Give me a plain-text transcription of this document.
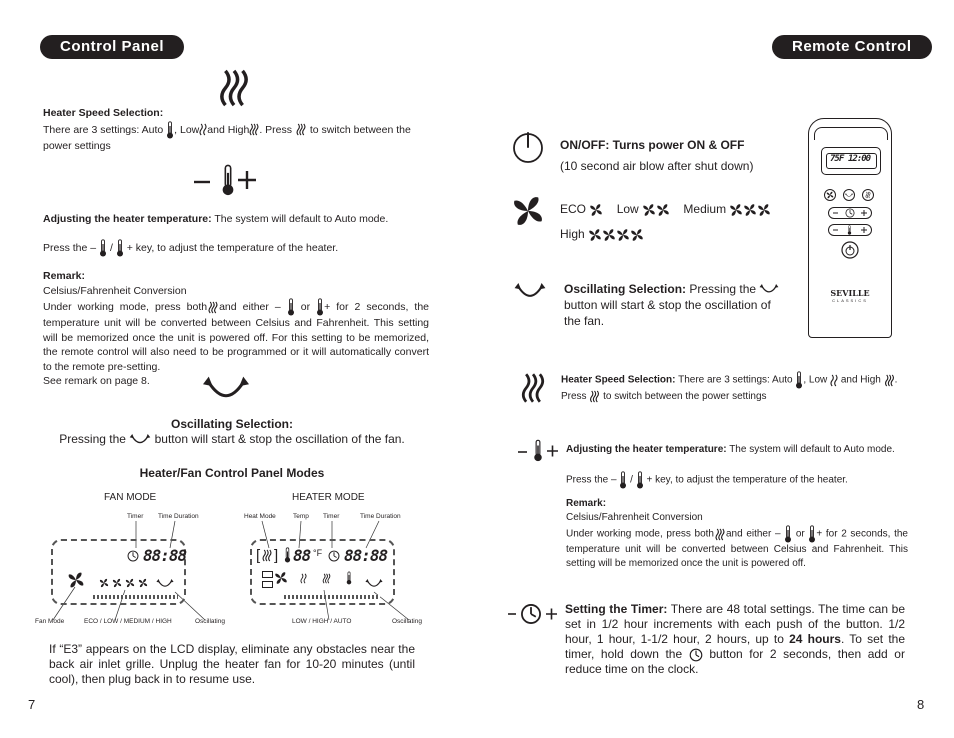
Control Panel
Heater Speed Selection:
There are 3 settings: Auto , Low and High . Press to switch between the
power settings
Adjusting the heater temperature: The system will default to Auto mode.
Press the – / + key, to adjust the temperature of the heater.
Remark:
Celsius/Fahrenheit Conversion
Under working mode, press both and either – or + for 2 seconds, the temperature unit will be converted between Celsius and Fahrenheit. This setting will be memorized once the unit is powered off. For this setting to be memorized, the remote control will also need to be programmed or it will automatically convert to the remote pre-setting.
See remark on page 8.
Oscillating Selection:
Pressing the button will start & stop the oscillation of the fan.
Heater/Fan Control Panel Modes
FAN MODE	HEATER MODE
Timer Time Duration
88:88
Fan Mode	ECO / LOW / MEDIUM / HIGH	Oscillating
Heat Mode	Temp Timer	Time Duration
[ ] 88 °F 88:88
LOW / HIGH / AUTO	Oscillating
If “E3” appears on the LCD display, eliminate any obstacles near the back air inlet grille. Unplug the heater fan for 10-20 minutes (until cool), then plug back in to resume use.
7
Remote Control
ON/OFF: Turns power ON & OFF
(10 second air blow after shut down)
ECO	Low	Medium
High
Oscillating Selection: Pressing the
button will start & stop the oscillation of
the fan.
Heater Speed Selection: There are 3 settings: Auto , Low and High .
Press to switch between the power settings
Adjusting the heater temperature: The system will default to Auto mode.
Press the – / + key, to adjust the temperature of the heater.
Remark:
Celsius/Fahrenheit Conversion
Under working mode, press both and either – or + for 2 seconds, the temperature unit will be converted between Celsius and Fahrenheit. This setting will be memorized once the unit is powered off.
Setting the Timer: There are 48 total settings. The time can be set in 1/2 hour increments with each push of the button. 1/2 hour, 1 hour, 1-1/2 hour, 2 hours, up to 24 hours. To set the timer, hold down the button for 2 seconds, then add or reduce time on the clock.
75F 12:00
SEVILLE
CLASSICS
8
